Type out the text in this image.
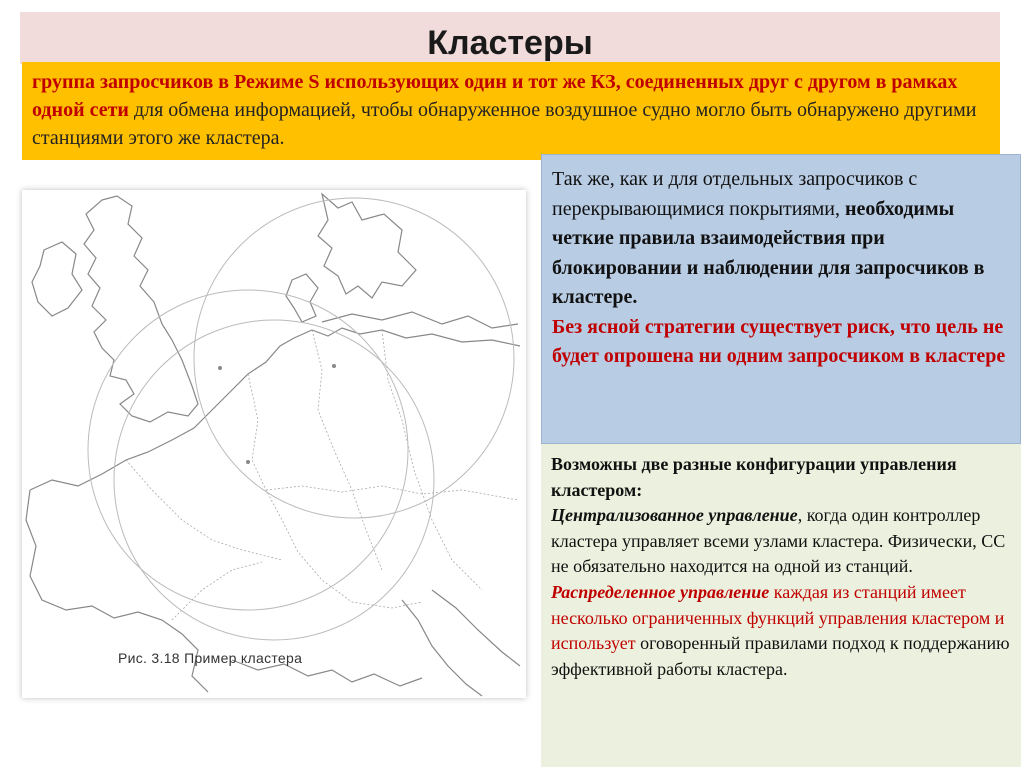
Кластеры

группа запросчиков в Режиме S использующих один и тот же КЗ, соединенных друг с другом в рамках одной сети для обмена информацией, чтобы обнаруженное воздушное судно могло быть обнаружено другими станциями этого же кластера.

Рис. 3.18 Пример кластера

Так же, как и для отдельных запросчиков с перекрывающимися покрытиями, необходимы четкие правила взаимодействия при блокировании и наблюдении для запросчиков в кластере.
Без ясной стратегии существует риск, что цель не будет опрошена ни одним запросчиком в кластере

Возможны две разные конфигурации управления кластером:

Централизованное управление, когда один контроллер кластера управляет всеми узлами кластера. Физически, СС не обязательно находится на одной из станций.

Распределенное управление каждая из станций имеет несколько ограниченных функций управления кластером и использует оговоренный правилами подход к поддержанию эффективной работы кластера.
